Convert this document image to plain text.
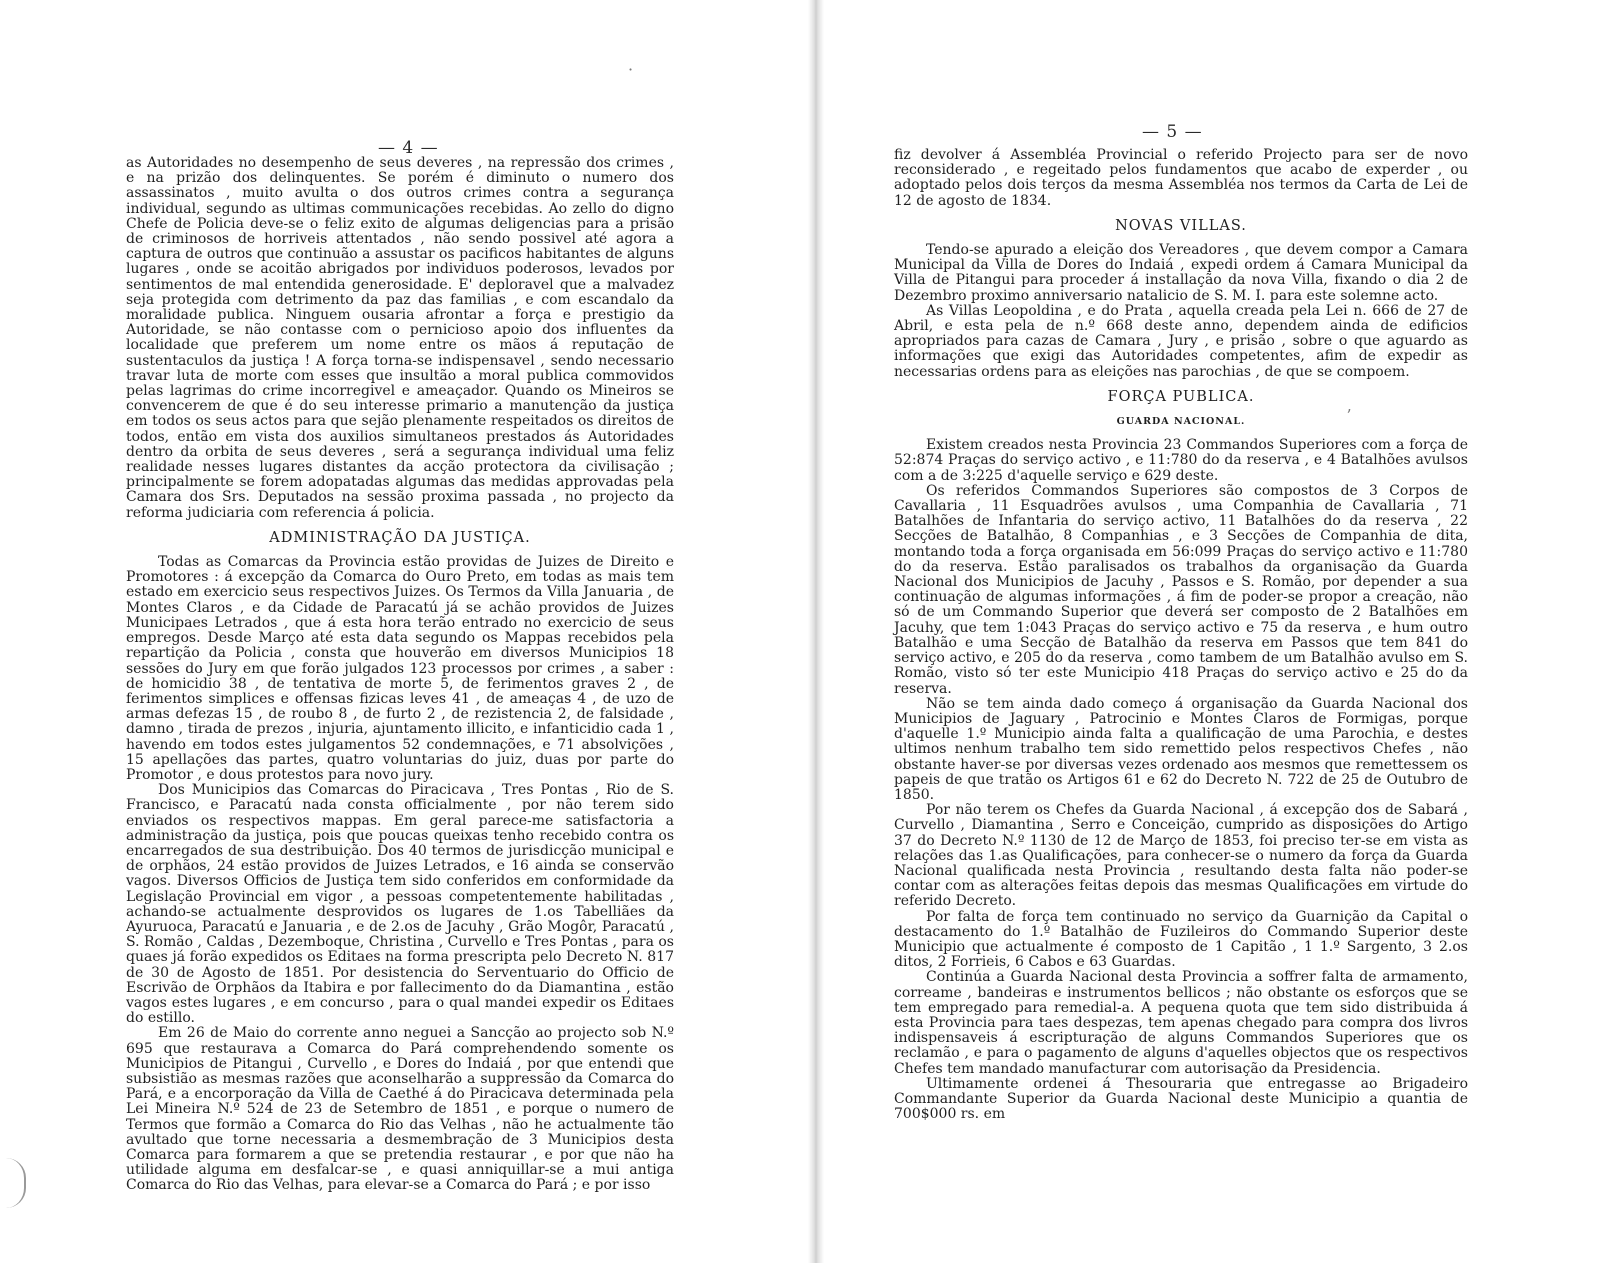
— 4 —

as Autoridades no desempenho de seus deveres , na repressão dos crimes , e na prizão dos delinquentes. Se porém é diminuto o numero dos assassinatos , muito avulta o dos outros crimes contra a segurança individual, segundo as ultimas communicações recebidas. Ao zello do digno Chefe de Policia deve-se o feliz exito de algumas deligencias para a prisão de criminosos de horriveis attentados , não sendo possivel até agora a captura de outros que continuão a assustar os pacificos habitantes de alguns lugares , onde se acoitão abrigados por individuos poderosos, levados por sentimentos de mal entendida generosidade. E' deploravel que a malvadez seja protegida com detrimento da paz das familias , e com escandalo da moralidade publica. Ninguem ousaria afrontar a força e prestigio da Autoridade, se não contasse com o pernicioso apoio dos influentes da localidade que preferem um nome entre os mãos á reputação de sustentaculos da justiça ! A força torna-se indispensavel , sendo necessario travar luta de morte com esses que insultão a moral publica commovidos pelas lagrimas do crime incorregivel e ameaçador. Quando os Mineiros se convencerem de que é do seu interesse primario a manutenção da justiça em todos os seus actos para que sejão plenamente respeitados os direitos de todos, então em vista dos auxilios simultaneos prestados ás Autoridades dentro da orbita de seus deveres , será a segurança individual uma feliz realidade nesses lugares distantes da acção protectora da civilisação ; principalmente se forem adopatadas algumas das medidas approvadas pela Camara dos Srs. Deputados na sessão proxima passada , no projecto da reforma judiciaria com referencia á policia.

ADMINISTRAÇÃO DA JUSTIÇA.

Todas as Comarcas da Provincia estão providas de Juizes de Direito e Promotores : á excepção da Comarca do Ouro Preto, em todas as mais tem estado em exercicio seus respectivos Juizes. Os Termos da Villa Januaria , de Montes Claros , e da Cidade de Paracatú já se achão providos de Juizes Municipaes Letrados , que á esta hora terão entrado no exercicio de seus empregos. Desde Março até esta data segundo os Mappas recebidos pela repartição da Policia , consta que houverão em diversos Municipios 18 sessões do Jury em que forão julgados 123 processos por crimes , a saber : de homicidio 38 , de tentativa de morte 5, de ferimentos graves 2 , de ferimentos simplices e offensas fizicas leves 41 , de ameaças 4 , de uzo de armas defezas 15 , de roubo 8 , de furto 2 , de rezistencia 2, de falsidade , damno , tirada de prezos , injuria, ajuntamento illicito, e infanticidio cada 1 , havendo em todos estes julgamentos 52 condemnações, e 71 absolvições , 15 apellações das partes, quatro voluntarias do juiz, duas por parte do Promotor , e dous protestos para novo jury.

Dos Municipios das Comarcas do Piracicava , Tres Pontas , Rio de S. Francisco, e Paracatú nada consta officialmente , por não terem sido enviados os respectivos mappas. Em geral parece-me satisfactoria a administração da justiça, pois que poucas queixas tenho recebido contra os encarregados de sua destribuição. Dos 40 termos de jurisdicção municipal e de orphãos, 24 estão providos de Juizes Letrados, e 16 ainda se conservão vagos. Diversos Officios de Justiça tem sido conferidos em conformidade da Legislação Provincial em vigor , a pessoas competentemente habilitadas , achando-se actualmente desprovidos os lugares de 1.os Tabelliães da Ayuruoca, Paracatú e Januaria , e de 2.os de Jacuhy , Grão Mogôr, Paracatú , S. Romão , Caldas , Dezemboque, Christina , Curvello e Tres Pontas , para os quaes já forão expedidos os Editaes na forma prescripta pelo Decreto N. 817 de 30 de Agosto de 1851. Por desistencia do Serventuario do Officio de Escrivão de Orphãos da Itabira e por fallecimento do da Diamantina , estão vagos estes lugares , e em concurso , para o qual mandei expedir os Editaes do estillo.

Em 26 de Maio do corrente anno neguei a Sancção ao projecto sob N.º 695 que restaurava a Comarca do Pará comprehendendo somente os Municipios de Pitangui , Curvello , e Dores do Indaiá , por que entendi que subsistião as mesmas razões que aconselharão a suppressão da Comarca do Pará, e a encorporação da Villa de Caethé á do Piracicava determinada pela Lei Mineira N.º 524 de 23 de Setembro de 1851 , e porque o numero de Termos que formão a Comarca do Rio das Velhas , não he actualmente tão avultado que torne necessaria a desmembração de 3 Municipios desta Comarca para formarem a que se pretendia restaurar , e por que não ha utilidade alguma em desfalcar-se , e quasi anniquillar-se a mui antiga Comarca do Rio das Velhas, para elevar-se a Comarca do Pará ; e por isso

·
— 5 —

fiz devolver á Assembléa Provincial o referido Projecto para ser de novo reconsiderado , e regeitado pelos fundamentos que acabo de experder , ou adoptado pelos dois terços da mesma Assembléa nos termos da Carta de Lei de 12 de agosto de 1834.

NOVAS VILLAS.

Tendo-se apurado a eleição dos Vereadores , que devem compor a Camara Municipal da Villa de Dores do Indaiá , expedi ordem á Camara Municipal da Villa de Pitangui para proceder á installação da nova Villa, fixando o dia 2 de Dezembro proximo anniversario natalicio de S. M. I. para este solemne acto.

As Villas Leopoldina , e do Prata , aquella creada pela Lei n. 666 de 27 de Abril, e esta pela de n.º 668 deste anno, dependem ainda de edificios apropriados para cazas de Camara , Jury , e prisão , sobre o que aguardo as informações que exigi das Autoridades competentes, afim de expedir as necessarias ordens para as eleições nas parochias , de que se compoem.

FORÇA PUBLICA.
GUARDA NACIONAL.

Existem creados nesta Provincia 23 Commandos Superiores com a força de 52:874 Praças do serviço activo , e 11:780 do da reserva , e 4 Batalhões avulsos com a de 3:225 d'aquelle serviço e 629 deste.

Os referidos Commandos Superiores são compostos de 3 Corpos de Cavallaria , 11 Esquadrões avulsos , uma Companhia de Cavallaria , 71 Batalhões de Infantaria do serviço activo, 11 Batalhões do da reserva , 22 Secções de Batalhão, 8 Companhias , e 3 Secções de Companhia de dita, montando toda a força organisada em 56:099 Praças do serviço activo e 11:780 do da reserva. Estão paralisados os trabalhos da organisação da Guarda Nacional dos Municipios de Jacuhy , Passos e S. Romão, por depender a sua continuação de algumas informações , á fim de poder-se propor a creação, não só de um Commando Superior que deverá ser composto de 2 Batalhões em Jacuhy, que tem 1:043 Praças do serviço activo e 75 da reserva , e hum outro Batalhão e uma Secção de Batalhão da reserva em Passos que tem 841 do serviço activo, e 205 do da reserva , como tambem de um Batalhão avulso em S. Romão, visto só ter este Municipio 418 Praças do serviço activo e 25 do da reserva.

Não se tem ainda dado começo á organisação da Guarda Nacional dos Municipios de Jaguary , Patrocinio e Montes Claros de Formigas, porque d'aquelle 1.º Municipio ainda falta a qualificação de uma Parochia, e destes ultimos nenhum trabalho tem sido remettido pelos respectivos Chefes , não obstante haver-se por diversas vezes ordenado aos mesmos que remettessem os papeis de que tratão os Artigos 61 e 62 do Decreto N. 722 de 25 de Outubro de 1850.

Por não terem os Chefes da Guarda Nacional , á excepção dos de Sabará , Curvello , Diamantina , Serro e Conceição, cumprido as disposições do Artigo 37 do Decreto N.º 1130 de 12 de Março de 1853, foi preciso ter-se em vista as relações das 1.as Qualificações, para conhecer-se o numero da força da Guarda Nacional qualificada nesta Provincia , resultando desta falta não poder-se contar com as alterações feitas depois das mesmas Qualificações em virtude do referido Decreto.

Por falta de força tem continuado no serviço da Guarnição da Capital o destacamento do 1.º Batalhão de Fuzileiros do Commando Superior deste Municipio que actualmente é composto de 1 Capitão , 1 1.º Sargento, 3 2.os ditos, 2 Forrieis, 6 Cabos e 63 Guardas.

Continúa a Guarda Nacional desta Provincia a soffrer falta de armamento, correame , bandeiras e instrumentos bellicos ; não obstante os esforços que se tem empregado para remedial-a. A pequena quota que tem sido distribuida á esta Provincia para taes despezas, tem apenas chegado para compra dos livros indispensaveis á escripturação de alguns Commandos Superiores que os reclamão , e para o pagamento de alguns d'aquelles objectos que os respectivos Chefes tem mandado manufacturar com autorisação da Presidencia.

Ultimamente ordenei á Thesouraria que entregasse ao Brigadeiro Commandante Superior da Guarda Nacional deste Municipio a quantia de 700$000 rs. em

ʼ
